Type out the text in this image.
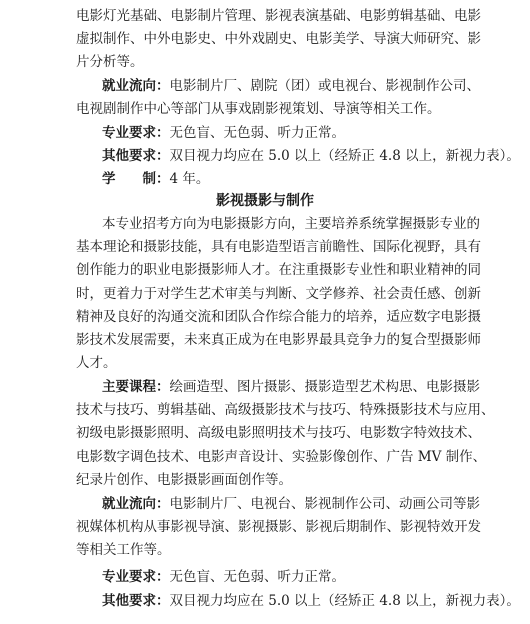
电影灯光基础、电影制片管理、影视表演基础、电影剪辑基础、电影
虚拟制作、中外电影史、中外戏剧史、电影美学、导演大师研究、影
片分析等。
就业流向：电影制片厂、剧院（团）或电视台、影视制作公司、
电视剧制作中心等部门从事戏剧影视策划、导演等相关工作。
专业要求：无色盲、无色弱、听力正常。
其他要求：双目视力均应在 5.0 以上（经矫正 4.8 以上，新视力表）。
学　　制：4 年。
影视摄影与制作
本专业招考方向为电影摄影方向，主要培养系统掌握摄影专业的
基本理论和摄影技能，具有电影造型语言前瞻性、国际化视野，具有
创作能力的职业电影摄影师人才。在注重摄影专业性和职业精神的同
时，更着力于对学生艺术审美与判断、文学修养、社会责任感、创新
精神及良好的沟通交流和团队合作综合能力的培养，适应数字电影摄
影技术发展需要，未来真正成为在电影界最具竞争力的复合型摄影师
人才。
主要课程：绘画造型、图片摄影、摄影造型艺术构思、电影摄影
技术与技巧、剪辑基础、高级摄影技术与技巧、特殊摄影技术与应用、
初级电影摄影照明、高级电影照明技术与技巧、电影数字特效技术、
电影数字调色技术、电影声音设计、实验影像创作、广告 MV 制作、
纪录片创作、电影摄影画面创作等。
就业流向：电影制片厂、电视台、影视制作公司、动画公司等影
视媒体机构从事影视导演、影视摄影、影视后期制作、影视特效开发
等相关工作等。
专业要求：无色盲、无色弱、听力正常。
其他要求：双目视力均应在 5.0 以上（经矫正 4.8 以上，新视力表）。
